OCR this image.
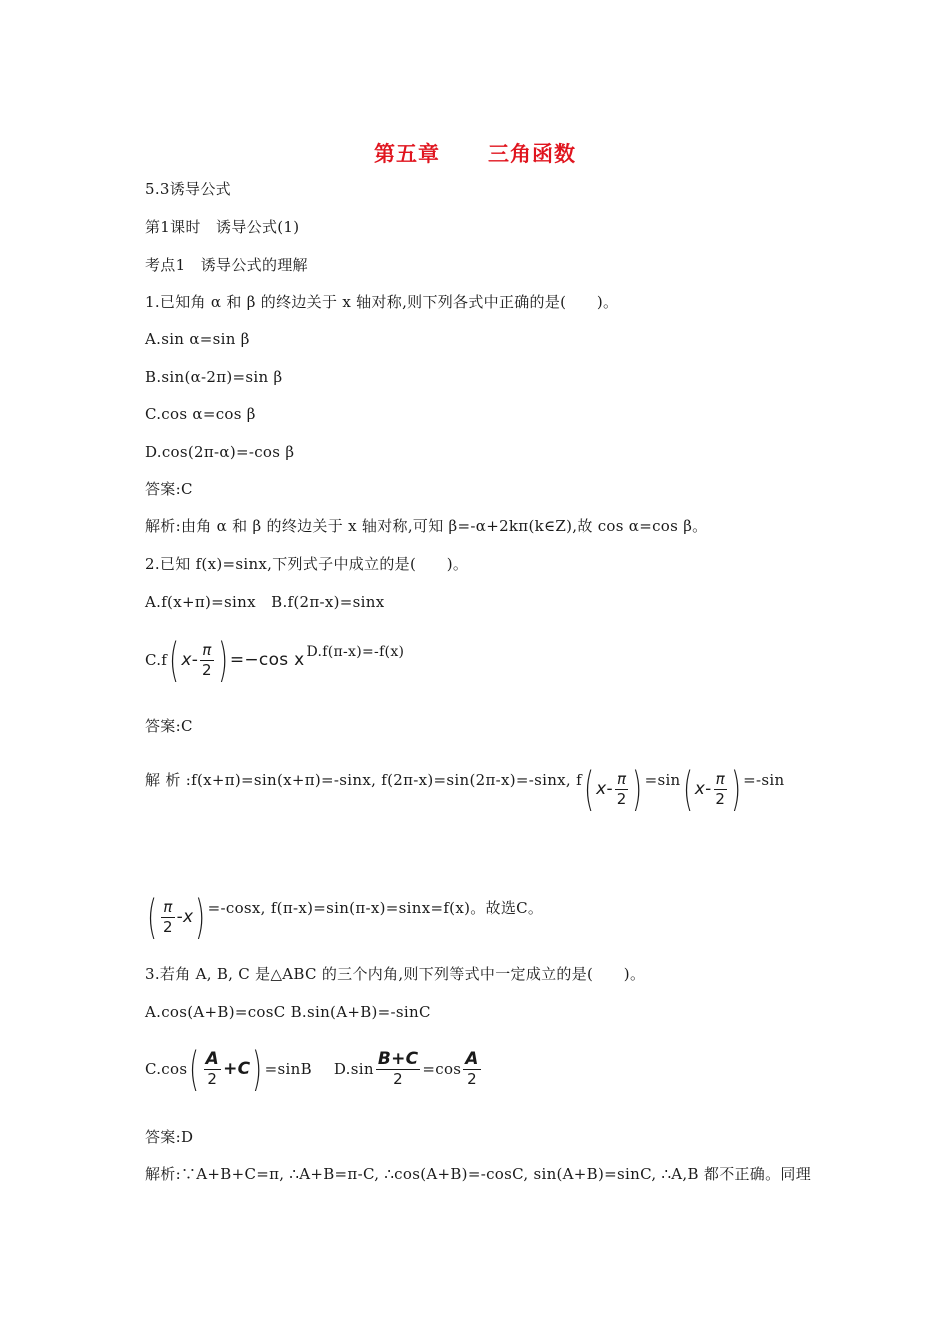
第五章 三角函数
5.3诱导公式
第1课时　诱导公式(1)
考点1　诱导公式的理解
1.已知角 α 和 β 的终边关于 x 轴对称,则下列各式中正确的是(　　)。
A.sin α=sin β
B.sin(α-2π)=sin β
C.cos α=cos β
D.cos(2π-α)=-cos β
答案:C
解析:由角 α 和 β 的终边关于 x 轴对称,可知 β=-α+2kπ(k∈Z),故 cos α=cos β。
2.已知 f(x)=sinx,下列式子中成立的是(　　)。
A.f(x+π)=sinx　B.f(2π-x)=sinx
C.f( $x- \frac{\pi}{2}$ ) =−cos x D.f(π-x)=-f(x)
答案:C
解 析 :f(x+π)=sin(x+π)=-sinx, f(2π-x)=sin(2π-x)=-sinx, f( $x- \frac{\pi}{2}$ ) =sin( $x- \frac{\pi}{2}$ ) =-sin
( $\frac{\pi}{2} -x) =-\cos x$, f(π-x)=sin(π-x)=sinx=f(x)。故选C。
3.若角 A, B, C 是△ABC 的三个内角,则下列等式中一定成立的是(　　)。
A.cos(A+B)=cosC B.sin(A+B)=-sinC
$C.\cos( \frac{A}{2} +C) =\sin B$ $D.\sin \frac{B+C}{2} =\cos \frac{A}{2}$
答案:D
解析:∵A+B+C=π, ∴A+B=π-C, ∴cos(A+B)=-cosC, sin(A+B)=sinC, ∴A,B 都不正确。同理
